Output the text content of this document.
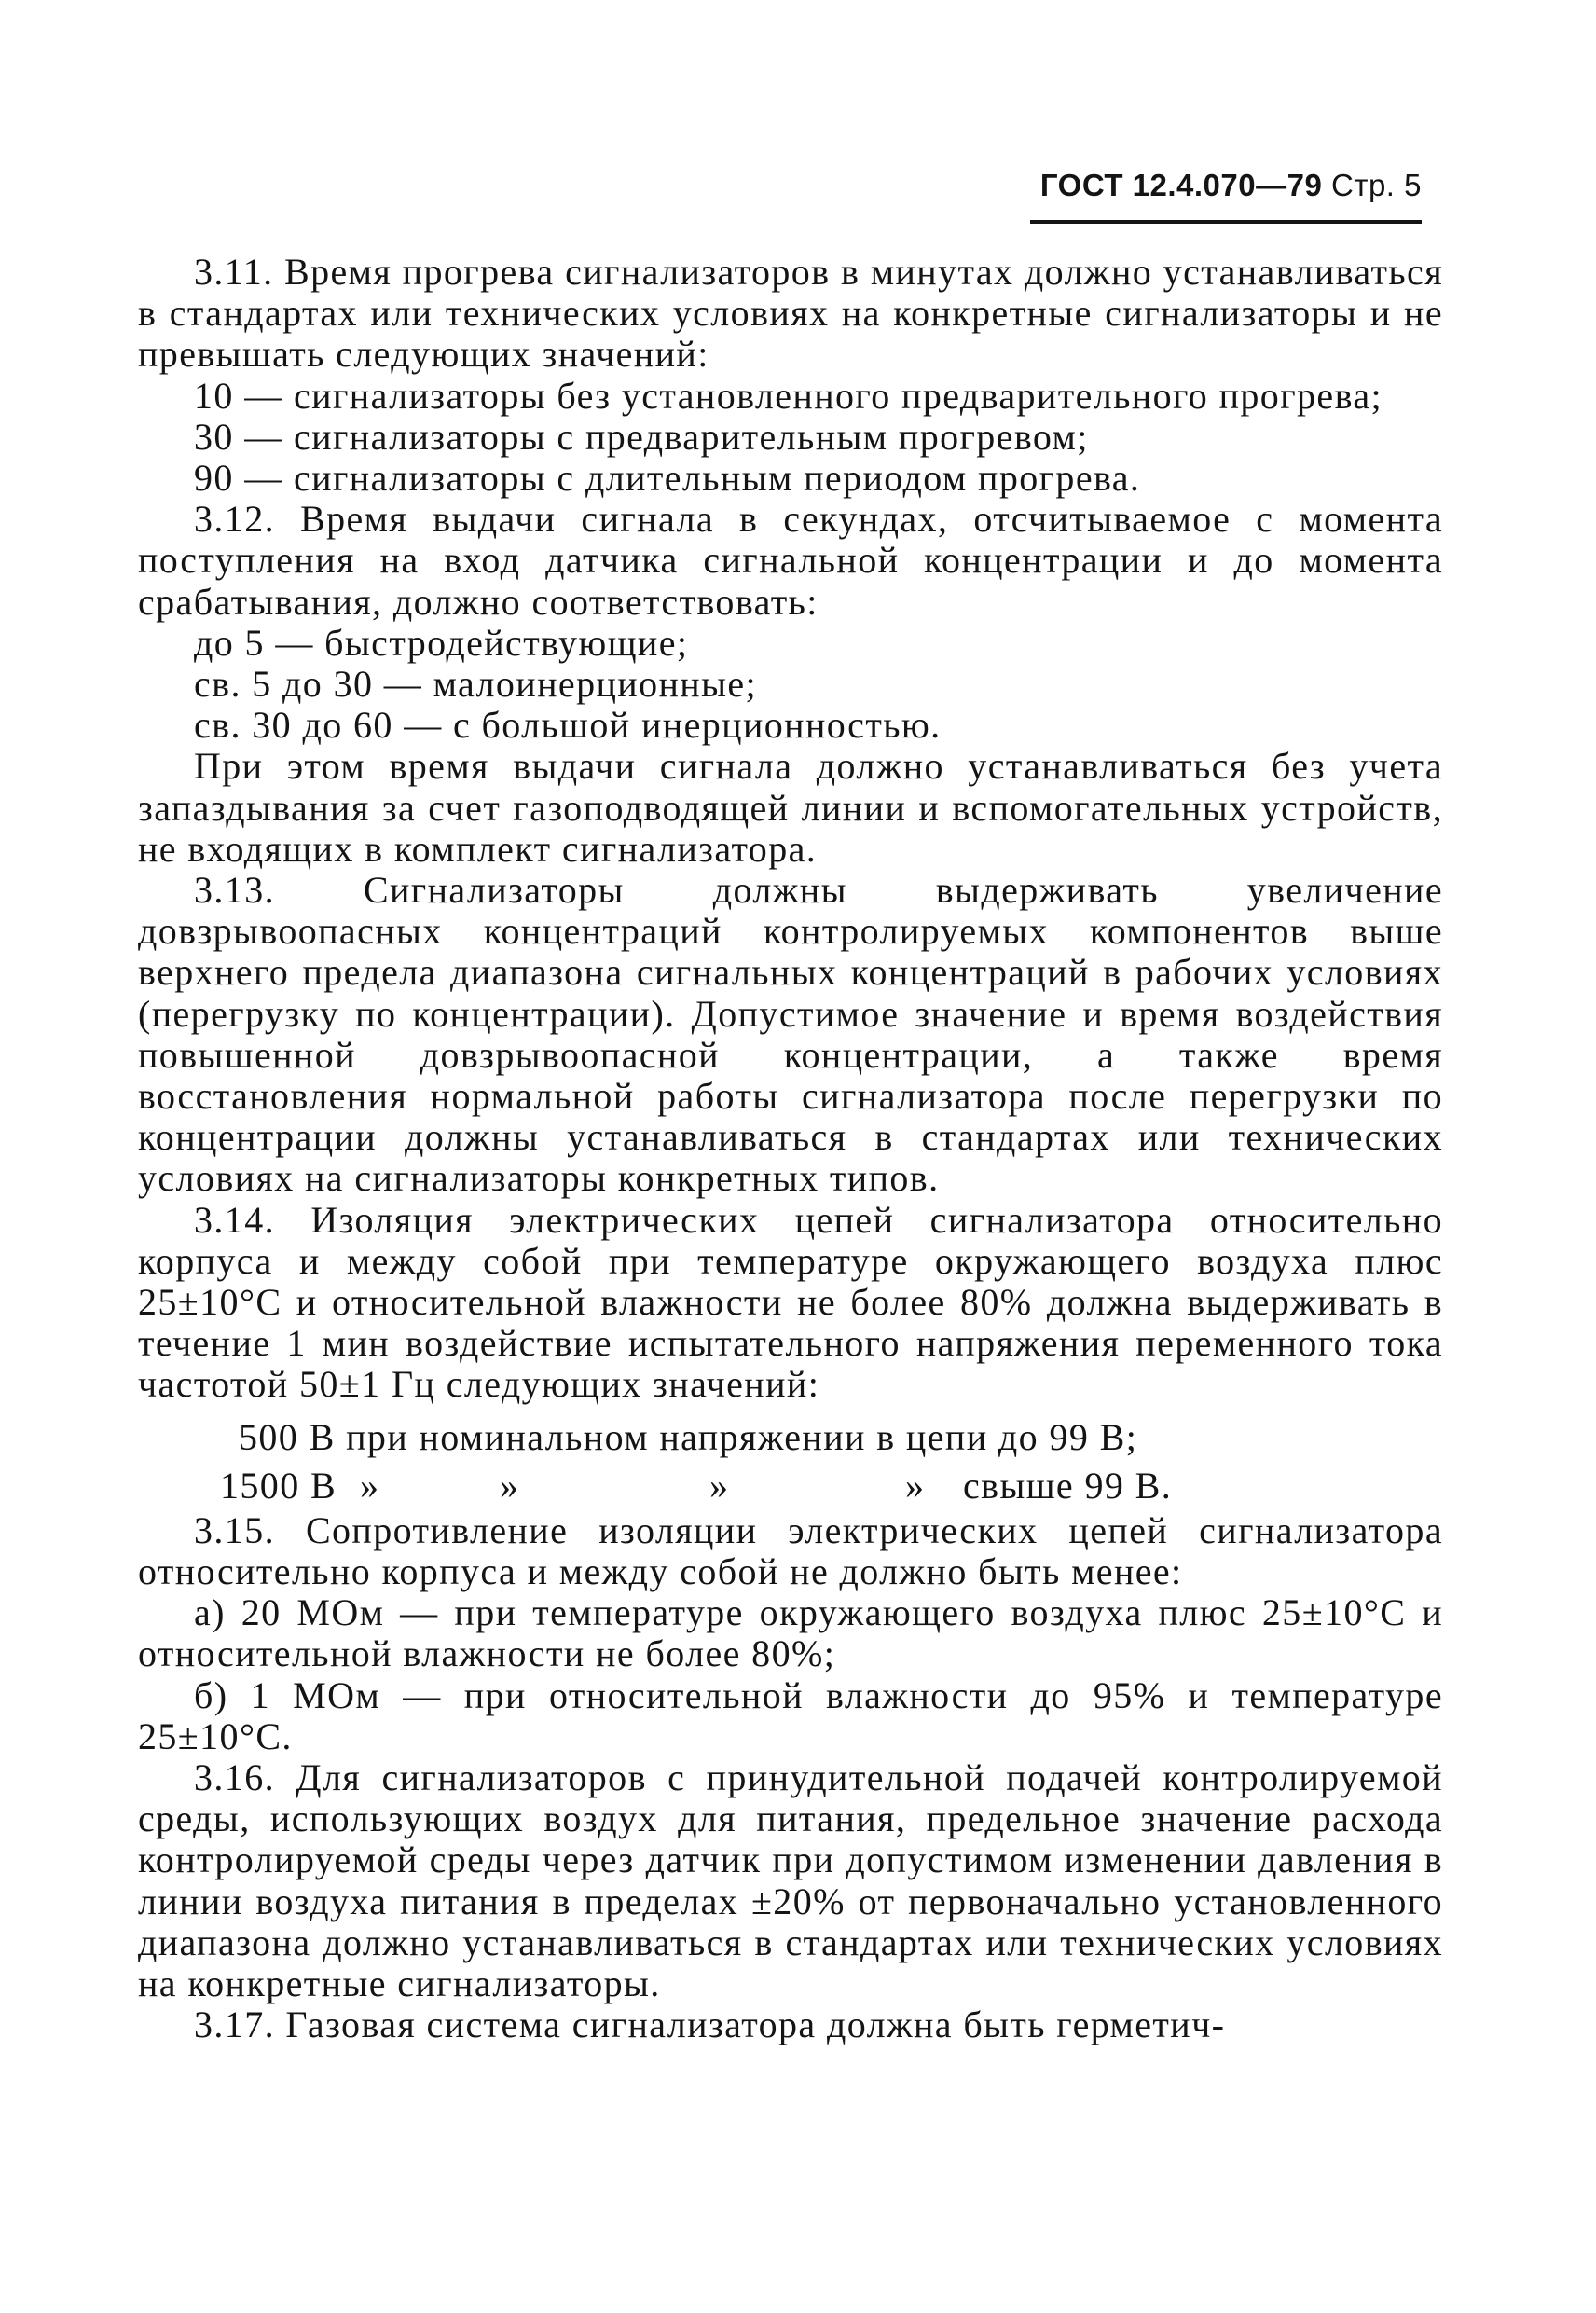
ГОСТ 12.4.070—79 Стр. 5

3.11. Время прогрева сигнализаторов в минутах должно устанавливаться в стандартах или технических условиях на конкретные сигнализаторы и не превышать следующих значений:

10 — сигнализаторы без установленного предварительного прогрева;

30 — сигнализаторы с предварительным прогревом;

90 — сигнализаторы с длительным периодом прогрева.

3.12. Время выдачи сигнала в секундах, отсчитываемое с момента поступления на вход датчика сигнальной концентрации и до момента срабатывания, должно соответствовать:

до 5 — быстродействующие;

св. 5 до 30 — малоинерционные;

св. 30 до 60 — с большой инерционностью.

При этом время выдачи сигнала должно устанавливаться без учета запаздывания за счет газоподводящей линии и вспомогательных устройств, не входящих в комплект сигнализатора.

3.13. Сигнализаторы должны выдерживать увеличение довзрывоопасных концентраций контролируемых компонентов выше верхнего предела диапазона сигнальных концентраций в рабочих условиях (перегрузку по концентрации). Допустимое значение и время воздействия повышенной довзрывоопасной концентрации, а также время восстановления нормальной работы сигнализатора после перегрузки по концентрации должны устанавливаться в стандартах или технических условиях на сигнализаторы конкретных типов.

3.14. Изоляция электрических цепей сигнализатора относительно корпуса и между собой при температуре окружающего воздуха плюс 25±10°С и относительной влажности не более 80% должна выдерживать в течение 1 мин воздействие испытательного напряжения переменного тока частотой 50±1 Гц следующих значений:

500 В при номинальном напряжении в цепи до 99 В;

1500 В »	»	»	» свыше 99 В.

3.15. Сопротивление изоляции электрических цепей сигнализатора относительно корпуса и между собой не должно быть менее:

а) 20 МОм — при температуре окружающего воздуха плюс 25±10°С и относительной влажности не более 80%;

б) 1 МОм — при относительной влажности до 95% и температуре 25±10°С.

3.16. Для сигнализаторов с принудительной подачей контролируемой среды, использующих воздух для питания, предельное значение расхода контролируемой среды через датчик при допустимом изменении давления в линии воздуха питания в пределах ±20% от первоначально установленного диапазона должно устанавливаться в стандартах или технических условиях на конкретные сигнализаторы.

3.17. Газовая система сигнализатора должна быть герметич-
